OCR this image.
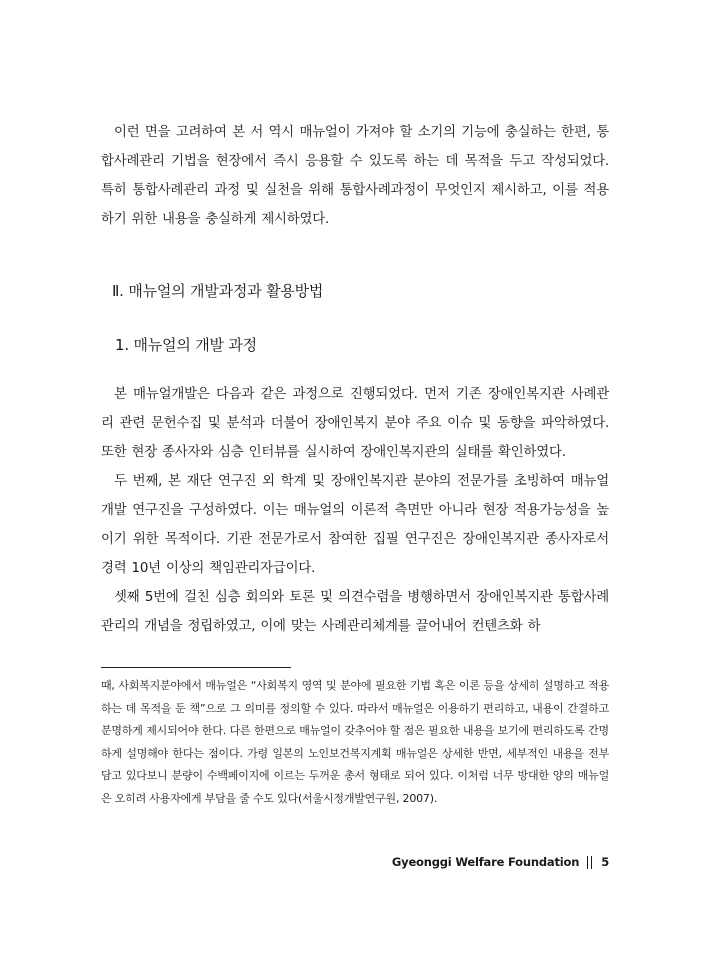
이런 면을 고려하여 본 서 역시 매뉴얼이 가져야 할 소기의 기능에 충실하는 한편, 통합사례관리 기법을 현장에서 즉시 응용할 수 있도록 하는 데 목적을 두고 작성되었다. 특히 통합사례관리 과정 및 실천을 위해 통합사례과정이 무엇인지 제시하고, 이를 적용하기 위한 내용을 충실하게 제시하였다.

Ⅱ. 매뉴얼의 개발과정과 활용방법
1. 매뉴얼의 개발 과정

본 매뉴얼개발은 다음과 같은 과정으로 진행되었다. 먼저 기존 장애인복지관 사례관리 관련 문헌수집 및 분석과 더불어 장애인복지 분야 주요 이슈 및 동향을 파악하였다. 또한 현장 종사자와 심층 인터뷰를 실시하여 장애인복지관의 실태를 확인하였다.

두 번째, 본 재단 연구진 외 학계 및 장애인복지관 분야의 전문가를 초빙하여 매뉴얼 개발 연구진을 구성하였다. 이는 매뉴얼의 이론적 측면만 아니라 현장 적용가능성을 높이기 위한 목적이다. 기관 전문가로서 참여한 집필 연구진은 장애인복지관 종사자로서 경력 10년 이상의 책임관리자급이다.

셋째 5번에 걸친 심층 회의와 토론 및 의견수렴을 병행하면서 장애인복지관 통합사례관리의 개념을 정립하였고, 이에 맞는 사례관리체계를 끌어내어 컨텐츠화 하

때, 사회복지분야에서 매뉴얼은 “사회복지 영역 및 분야에 필요한 기법 혹은 이론 등을 상세히 설명하고 적용하는 데 목적을 둔 책”으로 그 의미를 정의할 수 있다. 따라서 매뉴얼은 이용하기 편리하고, 내용이 간결하고 분명하게 제시되어야 한다. 다른 한편으로 매뉴얼이 갖추어야 할 점은 필요한 내용을 보기에 편리하도록 간명하게 설명해야 한다는 점이다. 가령 일본의 노인보건복지계획 매뉴얼은 상세한 반면, 세부적인 내용을 전부 담고 있다보니 분량이 수백페이지에 이르는 두꺼운 총서 형태로 되어 있다. 이처럼 너무 방대한 양의 매뉴얼은 오히려 사용자에게 부담을 줄 수도 있다(서울시정개발연구원, 2007).

Gyeonggi Welfare Foundation 5
